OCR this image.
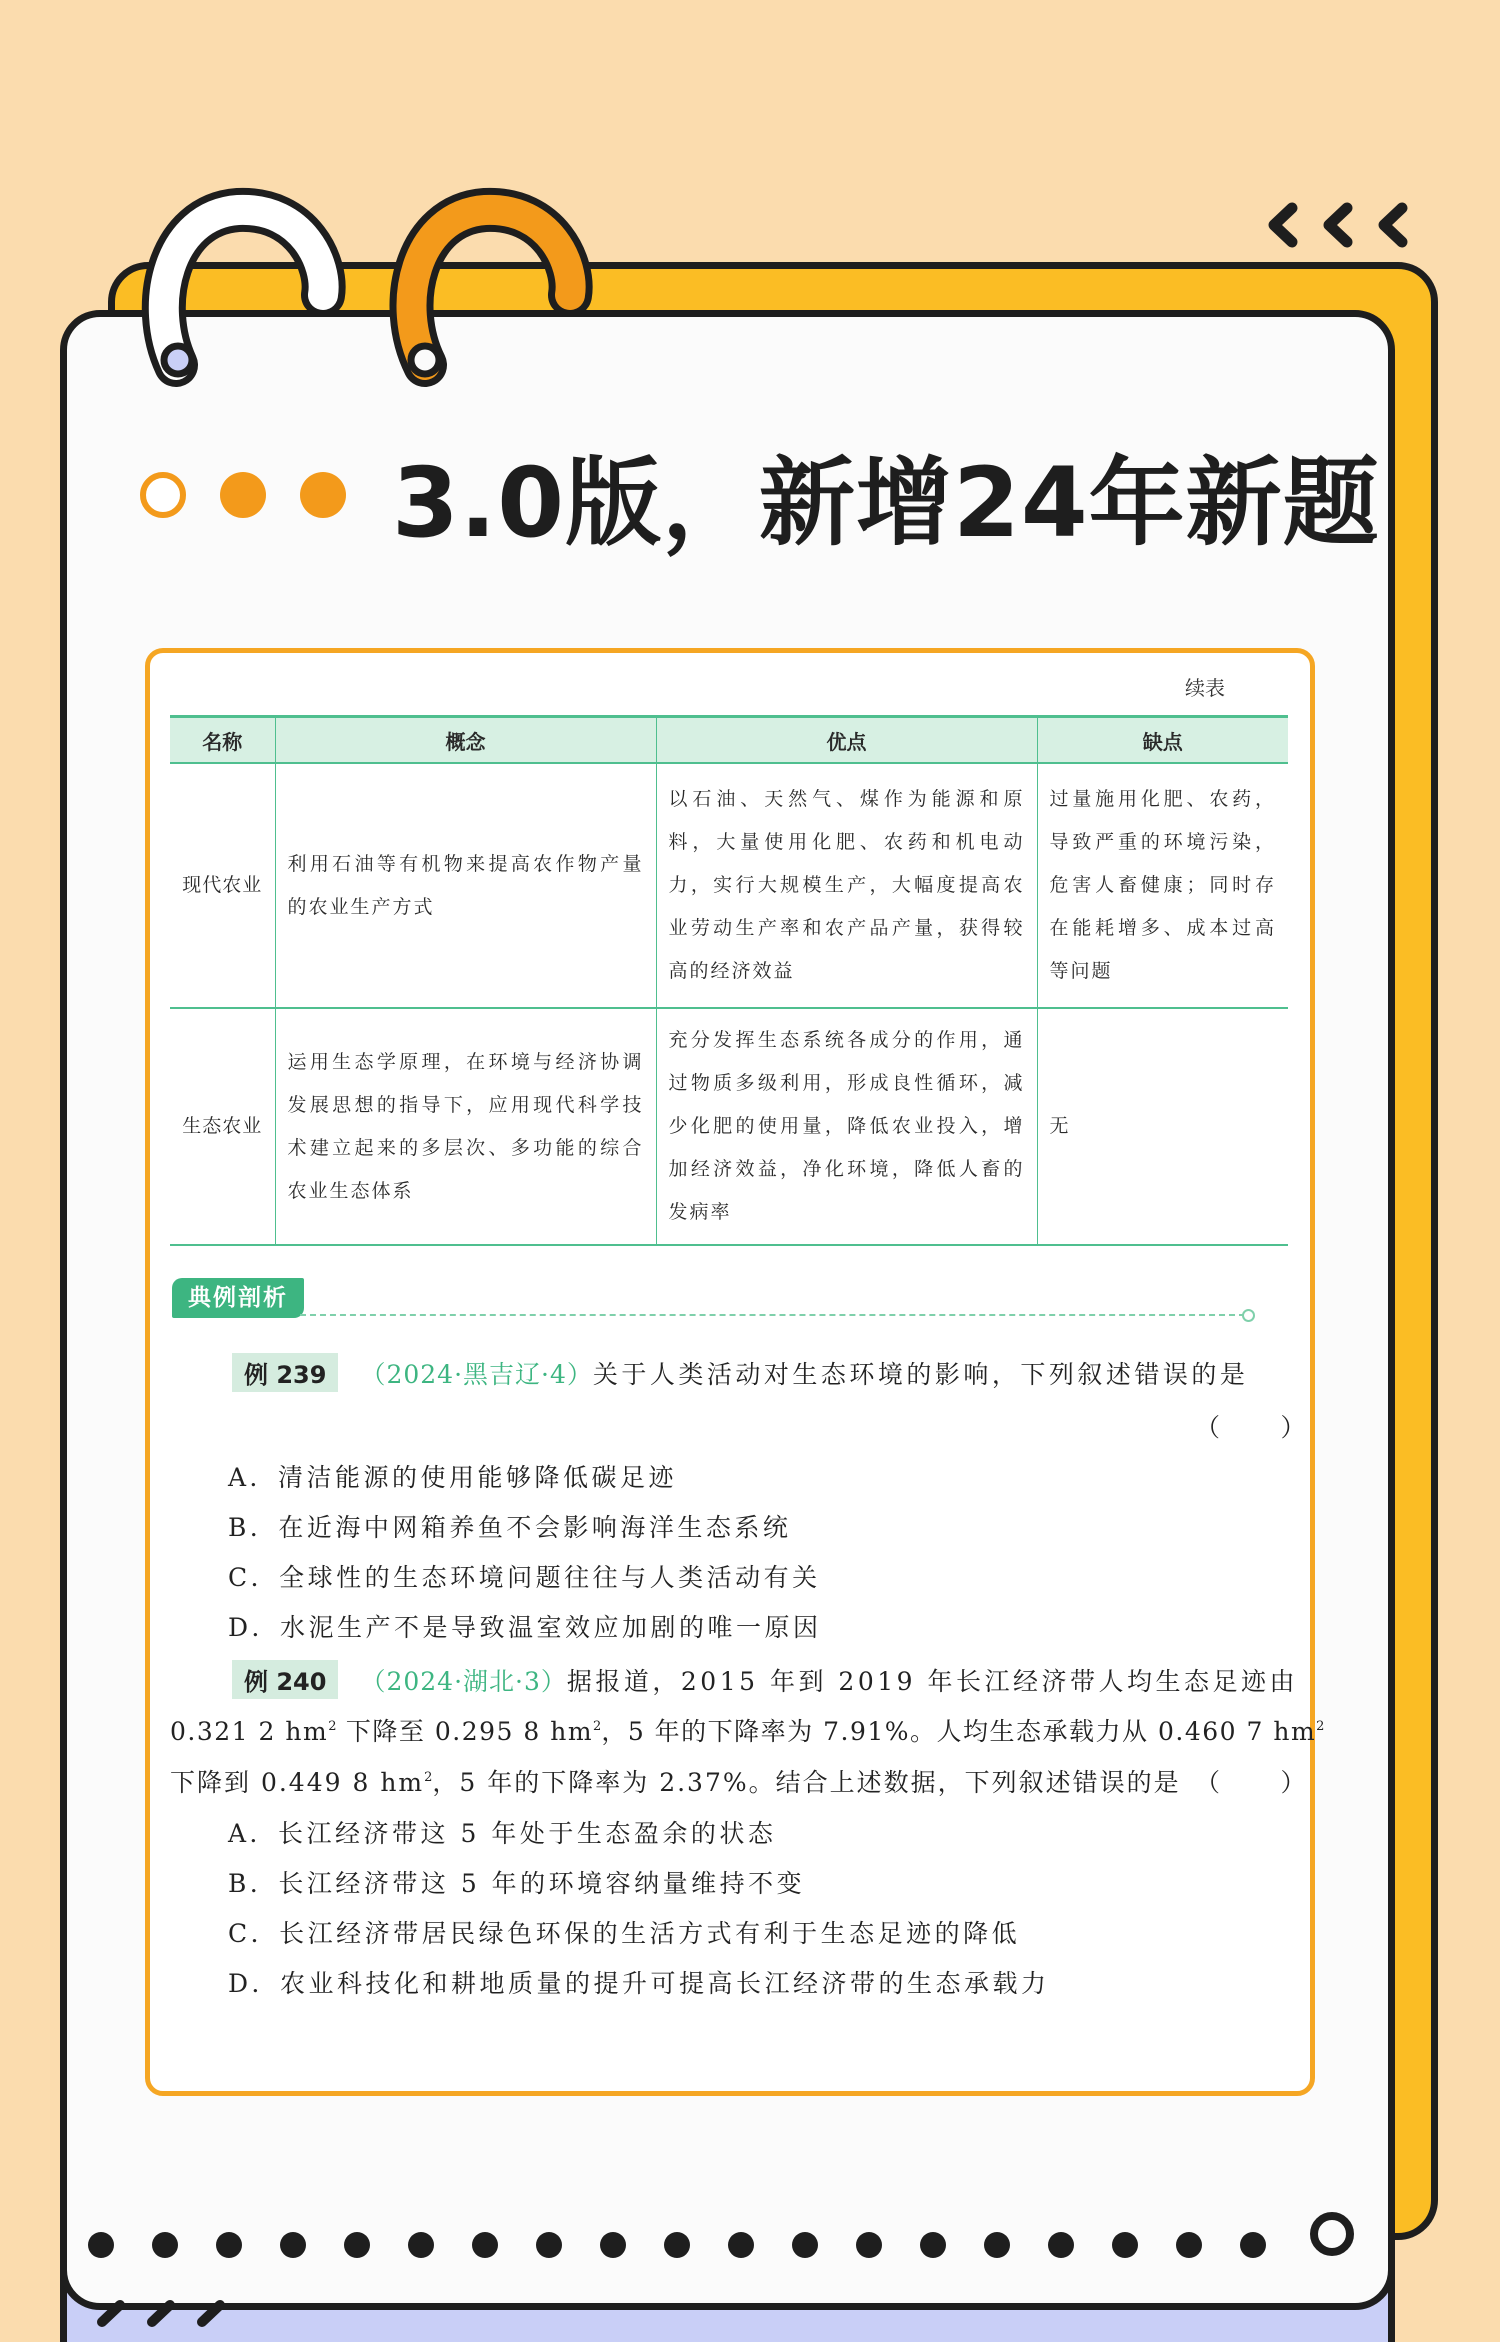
3.0版，新增24年新题
续表
名称	概念	优点	缺点
现代农业	利用石油等有机物来提高农作物产量的农业生产方式	以石油、天然气、煤作为能源和原料，大量使用化肥、农药和机电动力，实行大规模生产，大幅度提高农业劳动生产率和农产品产量，获得较高的经济效益	过量施用化肥、农药，导致严重的环境污染，危害人畜健康；同时存在能耗增多、成本过高等问题
生态农业	运用生态学原理，在环境与经济协调发展思想的指导下，应用现代科学技术建立起来的多层次、多功能的综合农业生态体系	充分发挥生态系统各成分的作用，通过物质多级利用，形成良性循环，减少化肥的使用量，降低农业投入，增加经济效益，净化环境，降低人畜的发病率	无
典例剖析
例 239 （2024·黑吉辽·4）关于人类活动对生态环境的影响，下列叙述错误的是
（　　）
A．清洁能源的使用能够降低碳足迹
B．在近海中网箱养鱼不会影响海洋生态系统
C．全球性的生态环境问题往往与人类活动有关
D．水泥生产不是导致温室效应加剧的唯一原因
例 240 （2024·湖北·3）据报道，2015 年到 2019 年长江经济带人均生态足迹由
0.321 2 $hm^2$ 下降至 0.295 8 $hm^2$，5 年的下降率为 7.91%。人均生态承载力从 0.460 7 $hm^2$
下降到 0.449 8 $hm^2$，5 年的下降率为 2.37%。结合上述数据，下列叙述错误的是 （　　）
A．长江经济带这 5 年处于生态盈余的状态
B．长江经济带这 5 年的环境容纳量维持不变
C．长江经济带居民绿色环保的生活方式有利于生态足迹的降低
D．农业科技化和耕地质量的提升可提高长江经济带的生态承载力
